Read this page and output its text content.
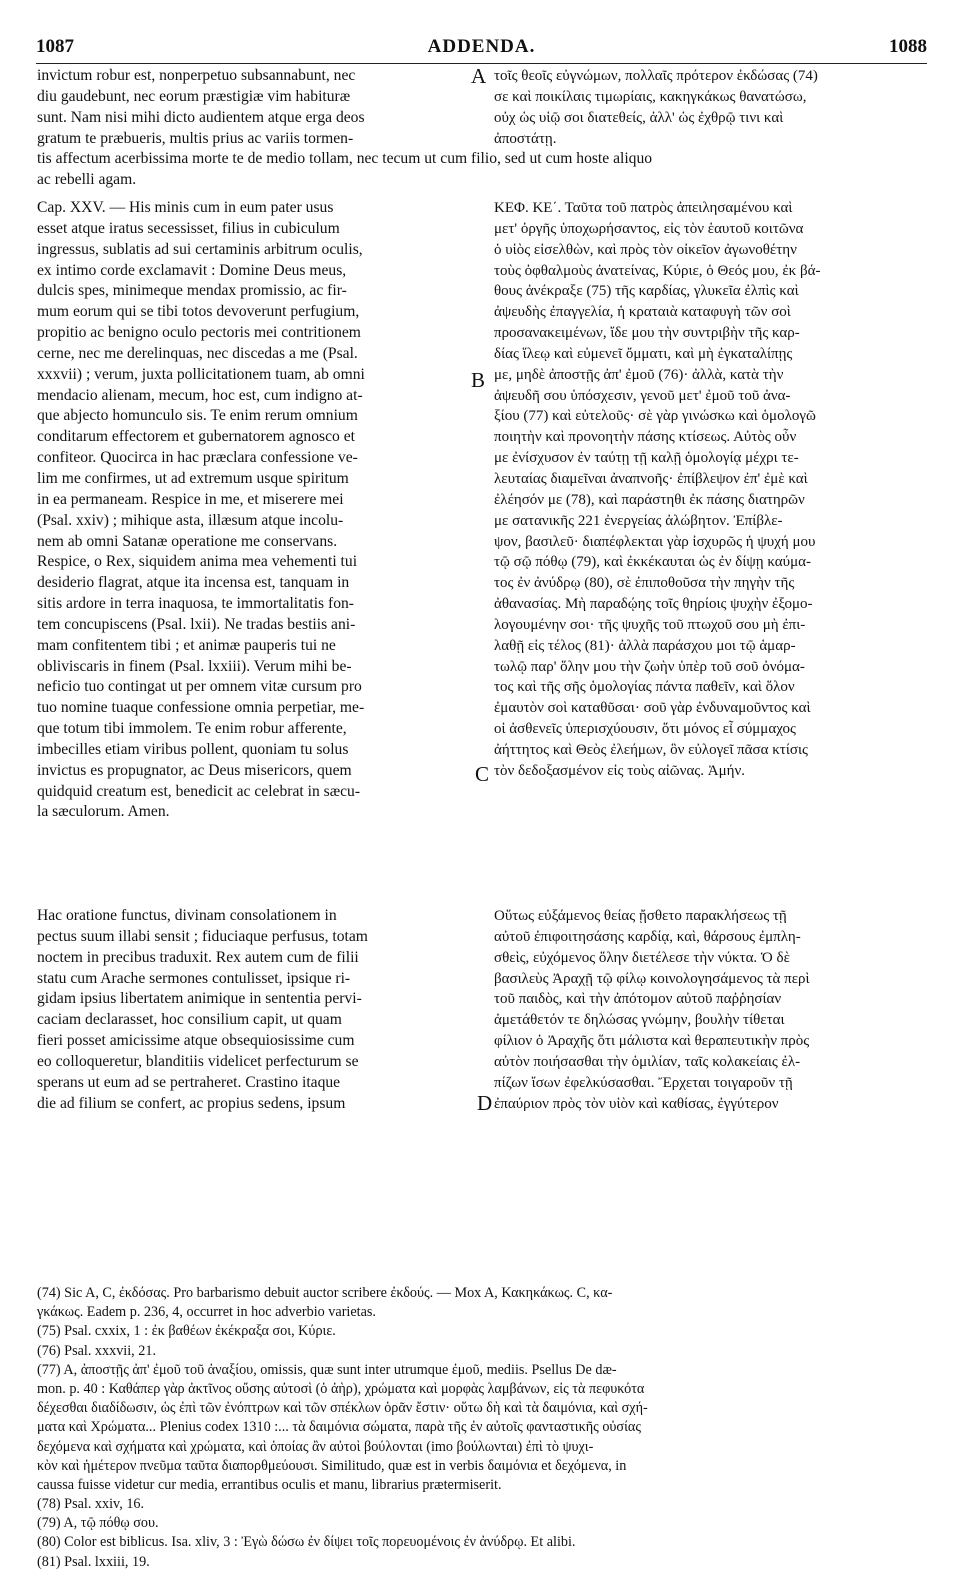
1087	ADDENDA.	1088
invictum robur est, nonperpetuo subsannabunt, nec
diu gaudebunt, nec eorum præstigiæ vim habituræ
sunt. Nam nisi mihi dicto audientem atque erga deos
gratum te præbueris, multis prius ac variis tormen-
A τοῖς θεοῖς εὐγνώμων, πολλαῖς πρότερον ἐκδώσας (74)
σε καὶ ποικίλαις τιμωρίαις, κακηγκάκως θανατώσω,
οὐχ ὡς υἱῷ σοι διατεθείς, ἀλλ' ὡς ἐχθρῷ τινι καὶ
ἀποστάτῃ.
tis affectum acerbissima morte te de medio tollam, nec tecum ut cum filio, sed ut cum hoste aliquo
ac rebelli agam.
Cap. XXV. — His minis cum in eum pater usus
esset atque iratus secessisset, filius in cubiculum
ingressus, sublatis ad sui certaminis arbitrum oculis,
ex intimo corde exclamavit : Domine Deus meus,
dulcis spes, minimeque mendax promissio, ac fir-
mum eorum qui se tibi totos devoverunt perfugium,
propitio ac benigno oculo pectoris mei contritionem
cerne, nec me derelinquas, nec discedas a me (Psal.
xxxvii) ; verum, juxta pollicitationem tuam, ab omni
mendacio alienam, mecum, hoc est, cum indigno at-
que abjecto homunculo sis. Te enim rerum omnium
conditarum effectorem et gubernatorem agnosco et
confiteor. Quocirca in hac præclara confessione ve-
lim me confirmes, ut ad extremum usque spiritum
in ea permaneam. Respice in me, et miserere mei
(Psal. xxiv) ; mihique asta, illæsum atque incolu-
nem ab omni Satanæ operatione me conservans.
Respice, o Rex, siquidem anima mea vehementi tui
desiderio flagrat, atque ita incensa est, tanquam in
sitis ardore in terra inaquosa, te immortalitatis fon-
tem concupiscens (Psal. lxii). Ne tradas bestiis ani-
mam confitentem tibi ; et animæ pauperis tui ne
obliviscaris in finem (Psal. lxxiii). Verum mihi be-
neficio tuo contingat ut per omnem vitæ cursum pro
tuo nomine tuaque confessione omnia perpetiar, me-
que totum tibi immolem. Te enim robur afferente,
imbecilles etiam viribus pollent, quoniam tu solus
invictus es propugnator, ac Deus misericors, quem
quidquid creatum est, benedicit ac celebrat in sæcu-
la sæculorum. Amen.
B
C
ΚΕΦ. ΚΕ΄. Ταῦτα τοῦ πατρὸς ἀπειλησαμένου καὶ
μετ' ὀργῆς ὑποχωρήσαντος, εἰς τὸν ἑαυτοῦ κοιτῶνα
ὁ υἱὸς εἰσελθὼν, καὶ πρὸς τὸν οἰκεῖον ἀγωνοθέτην
τοὺς ὀφθαλμοὺς ἀνατείνας, Κύριε, ὁ Θεός μου, ἐκ βά-
θους ἀνέκραξε (75) τῆς καρδίας, γλυκεῖα ἐλπὶς καὶ
ἀψευδὴς ἐπαγγελία, ἡ κραταιὰ καταφυγὴ τῶν σοὶ
προσανακειμένων, ἴδε μου τὴν συντριβὴν τῆς καρ-
δίας ἵλεῳ καὶ εὐμενεῖ ὄμματι, καὶ μὴ ἐγκαταλίπῃς
με, μηδὲ ἀποστῇς ἀπ' ἐμοῦ (76)· ἀλλὰ, κατὰ τὴν
ἀψευδῆ σου ὑπόσχεσιν, γενοῦ μετ' ἐμοῦ τοῦ ἀνα-
ξίου (77) καὶ εὐτελοῦς· σὲ γὰρ γινώσκω καὶ ὁμολογῶ
ποιητὴν καὶ προνοητὴν πάσης κτίσεως. Αὐτὸς οὖν
με ἐνίσχυσον ἐν ταύτῃ τῇ καλῇ ὁμολογίᾳ μέχρι τε-
λευταίας διαμεῖναι ἀναπνοῆς· ἐπίβλεψον ἐπ' ἐμὲ καὶ
ἐλέησόν με (78), καὶ παράστηθι ἐκ πάσης διατηρῶν
με σατανικῆς 221 ἐνεργείας ἀλώβητον. Ἐπίβλε-
ψον, βασιλεῦ· διαπέφλεκται γὰρ ἰσχυρῶς ἡ ψυχή μου
τῷ σῷ πόθῳ (79), καὶ ἐκκέκαυται ὡς ἐν δίψῃ καύμα-
τος ἐν ἀνύδρῳ (80), σὲ ἐπιποθοῦσα τὴν πηγὴν τῆς
ἀθανασίας. Μὴ παραδῴης τοῖς θηρίοις ψυχὴν ἐξομο-
λογουμένην σοι· τῆς ψυχῆς τοῦ πτωχοῦ σου μὴ ἐπι-
λαθῇ εἰς τέλος (81)· ἀλλὰ παράσχου μοι τῷ ἁμαρ-
τωλῷ παρ' ὅλην μου τὴν ζωὴν ὑπὲρ τοῦ σοῦ ὀνόμα-
τος καὶ τῆς σῆς ὁμολογίας πάντα παθεῖν, καὶ ὅλον
ἐμαυτὸν σοὶ καταθῦσαι· σοῦ γὰρ ἐνδυναμοῦντος καὶ
οἱ ἀσθενεῖς ὑπερισχύουσιν, ὅτι μόνος εἶ σύμμαχος
ἀήττητος καὶ Θεὸς ἐλεήμων, ὃν εὐλογεῖ πᾶσα κτίσις
τὸν δεδοξασμένον εἰς τοὺς αἰῶνας. Ἀμήν.
Hac oratione functus, divinam consolationem in
pectus suum illabi sensit ; fiduciaque perfusus, totam
noctem in precibus traduxit. Rex autem cum de filii
statu cum Arache sermones contulisset, ipsique ri-
gidam ipsius libertatem animique in sententia pervi-
caciam declarasset, hoc consilium capit, ut quam
fieri posset amicissime atque obsequiosissime cum
eo colloqueretur, blanditiis videlicet perfecturum se
sperans ut eum ad se pertraheret. Crastino itaque
die ad filium se confert, ac propius sedens, ipsum	D
Οὕτως εὐξάμενος θείας ᾔσθετο παρακλήσεως τῇ
αὐτοῦ ἐπιφοιτησάσης καρδίᾳ, καὶ, θάρσους ἐμπλη-
σθεὶς, εὐχόμενος ὅλην διετέλεσε τὴν νύκτα. Ὁ δὲ
βασιλεὺς Ἀραχῇ τῷ φίλῳ κοινολογησάμενος τὰ περὶ
τοῦ παιδὸς, καὶ τὴν ἀπότομον αὐτοῦ παῤῥησίαν
ἀμετάθετόν τε δηλώσας γνώμην, βουλὴν τίθεται
φίλιον ὁ Ἀραχῆς ὅτι μάλιστα καὶ θεραπευτικὴν πρὸς
αὐτὸν ποιήσασθαι τὴν ὁμιλίαν, ταῖς κολακείαις ἐλ-
πίζων ἴσων ἐφελκύσασθαι. Ἔρχεται τοιγαροῦν τῇ
ἐπαύριον πρὸς τὸν υἱὸν καὶ καθίσας, ἐγγύτερον
(74) Sic A, C, ἐκδόσας. Pro barbarismo debuit auctor scribere ἐκδούς. — Mox A, Κακηκάκως. C, κα-
γκάκως. Eadem p. 236, 4, occurret in hoc adverbio varietas.
(75) Psal. cxxix, 1 : ἐκ βαθέων ἐκέκραξα σοι, Κύριε.
(76) Psal. xxxvii, 21.
(77) A, ἀποστῇς ἀπ' ἐμοῦ τοῦ ἀναξίου, omissis, quæ sunt inter utrumque ἐμοῦ, mediis. Psellus De dæ-
mon. p. 40 : Καθάπερ γὰρ ἀκτῖνος οὔσης αὐτοσὶ (ὁ ἀὴρ), χρώματα καὶ μορφὰς λαμβάνων, εἰς τὰ πεφυκότα
δέχεσθαι διαδίδωσιν, ὡς ἐπὶ τῶν ἐνόπτρων καὶ τῶν σπέκλων ὁρᾶν ἔστιν· οὕτω δὴ καὶ τὰ δαιμόνια, καὶ σχή-
ματα καὶ Χρώματα... Plenius codex 1310 :... τὰ δαιμόνια σώματα, παρὰ τῆς ἐν αὐτοῖς φανταστικῆς οὐσίας
δεχόμενα καὶ σχήματα καὶ χρώματα, καὶ ὁποίας ἂν αὐτοὶ βούλονται (imo βούλωνται) ἐπὶ τὸ ψυχι-
κὸν καὶ ἡμέτερον πνεῦμα ταῦτα διαπορθμεύουσι. Similitudo, quæ est in verbis δαιμόνια et δεχόμενα, in
caussa fuisse videtur cur media, errantibus oculis et manu, librarius prætermiserit.
(78) Psal. xxiv, 16.
(79) A, τῷ πόθῳ σου.
(80) Color est biblicus. Isa. xliv, 3 : Ἐγὼ δώσω ἐν δίψει τοῖς πορευομένοις ἐν ἀνύδρῳ. Et alibi.
(81) Psal. lxxiii, 19.
